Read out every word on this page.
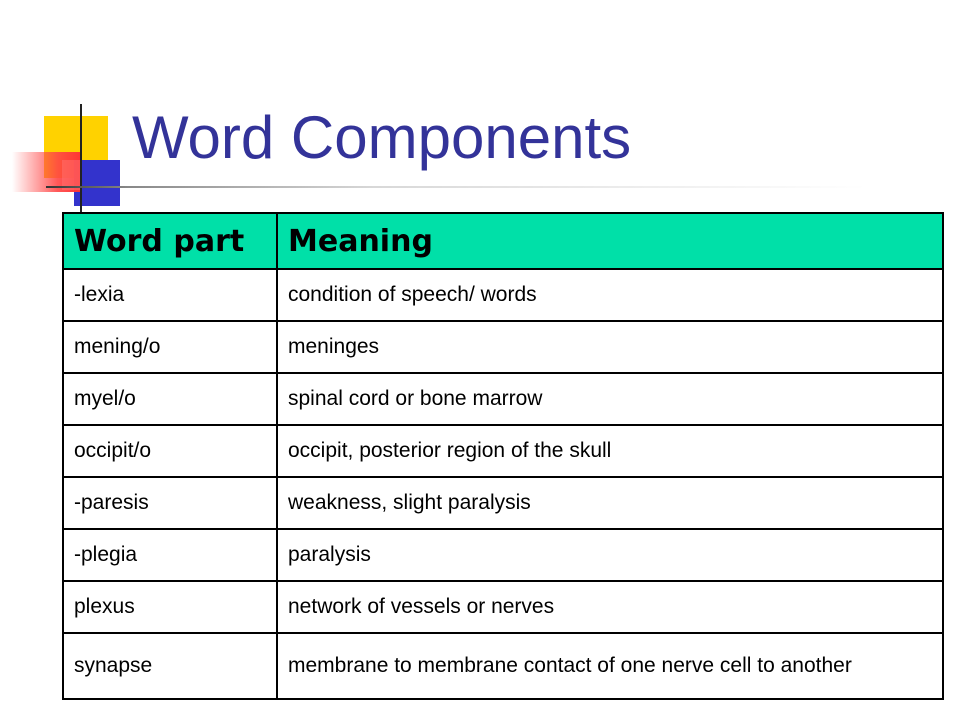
Word Components
Word part	Meaning
-lexia	condition of speech/ words
mening/o	meninges
myel/o	spinal cord or bone marrow
occipit/o	occipit, posterior region of the skull
-paresis	weakness, slight paralysis
-plegia	paralysis
plexus	network of vessels or nerves
synapse	membrane to membrane contact of one nerve cell to another
